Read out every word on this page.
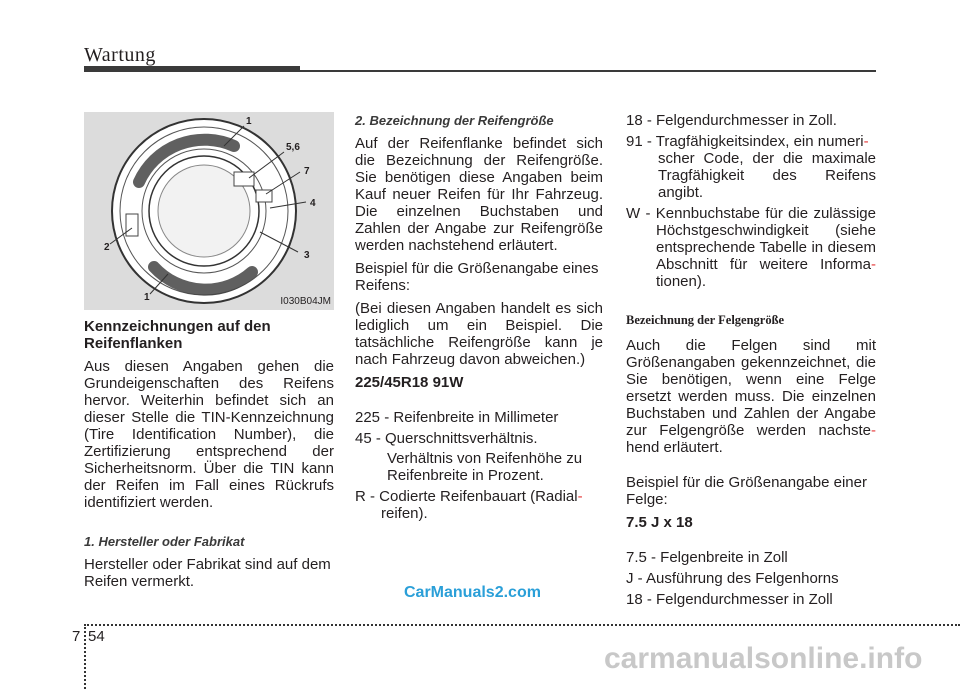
Wartung
1
5,6
7
4
3
2
1	I030B04JM

Kennzeichnungen auf den Reifenflanken

Aus diesen Angaben gehen die Grundeigenschaften des Reifens hervor. Weiterhin befindet sich an dieser Stelle die TIN-Kennzeichnung (Tire Identification Number), die Zertifizierung entsprechend der Sicherheitsnorm. Über die TIN kann der Reifen im Fall eines Rückrufs identifiziert werden.

1. Hersteller oder Fabrikat

Hersteller oder Fabrikat sind auf dem Reifen vermerkt.

2. Bezeichnung der Reifengröße

Auf der Reifenflanke befindet sich die Bezeichnung der Reifengröße. Sie benötigen diese Angaben beim Kauf neuer Reifen für Ihr Fahrzeug. Die einzelnen Buchstaben und Zahlen der Angabe zur Reifengröße werden nachstehend erläutert.

Beispiel für die Größenangabe eines Reifens:

(Bei diesen Angaben handelt es sich lediglich um ein Beispiel. Die tatsächliche Reifengröße kann je nach Fahrzeug davon abweichen.)

225/45R18 91W

225 - Reifenbreite in Millimeter

45 - Querschnittsverhältnis.

Verhältnis von Reifenhöhe zu Reifenbreite in Prozent.

R - Codierte Reifenbauart (Radial-

reifen).

18 - Felgendurchmesser in Zoll.

91 - Tragfähigkeitsindex, ein numeri-

scher Code, der die maximale Tragfähigkeit des Reifens angibt.

W - Kennbuchstabe für die zulässige Höchstgeschwindigkeit (siehe entsprechende Tabelle in diesem Abschnitt für weitere Informa-tionen).

Bezeichnung der Felgengröße

Auch die Felgen sind mit Größenangaben gekennzeichnet, die Sie benötigen, wenn eine Felge ersetzt werden muss. Die einzelnen Buchstaben und Zahlen der Angabe zur Felgengröße werden nachste-hend erläutert.

Beispiel für die Größenangabe einer Felge:

7.5 J x 18

7.5 - Felgenbreite in Zoll

J - Ausführung des Felgenhorns

18 - Felgendurchmesser in Zoll

CarManuals2.com
7 54
carmanualsonline.info
